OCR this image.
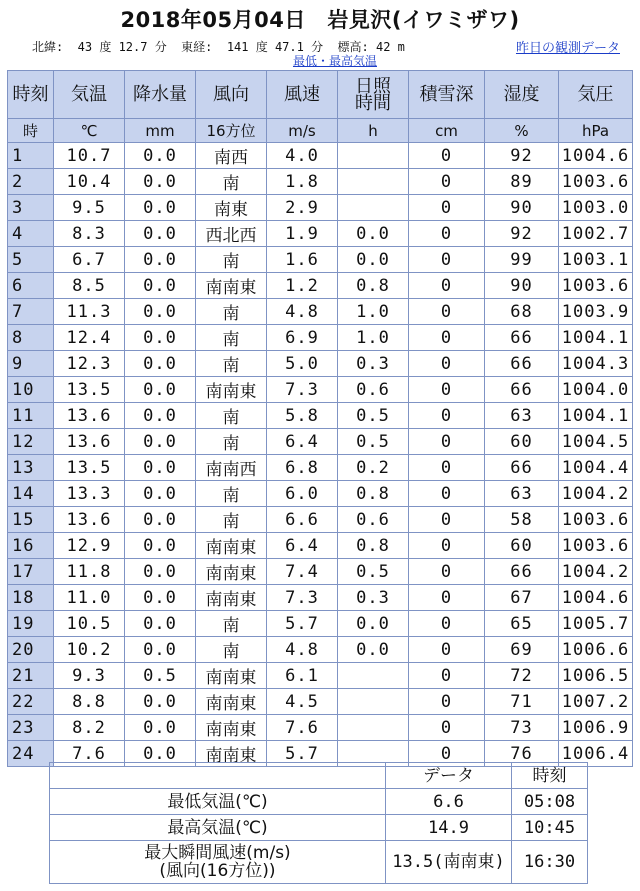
2018年05月04日　岩見沢(イワミザワ)
北緯:  43 度 12.7 分  東経:  141 度 47.1 分  標高: 42 m	昨日の観測データ
最低・最高気温
時刻	気温	降水量	風向	風速	日照時間	積雪深	湿度	気圧
時	℃	mm	16方位	m/s	h	cm	%	hPa
1	10.7	0.0	南西	4.0		0	92	1004.6
2	10.4	0.0	南	1.8		0	89	1003.6
3	9.5	0.0	南東	2.9		0	90	1003.0
4	8.3	0.0	西北西	1.9	0.0	0	92	1002.7
5	6.7	0.0	南	1.6	0.0	0	99	1003.1
6	8.5	0.0	南南東	1.2	0.8	0	90	1003.6
7	11.3	0.0	南	4.8	1.0	0	68	1003.9
8	12.4	0.0	南	6.9	1.0	0	66	1004.1
9	12.3	0.0	南	5.0	0.3	0	66	1004.3
10	13.5	0.0	南南東	7.3	0.6	0	66	1004.0
11	13.6	0.0	南	5.8	0.5	0	63	1004.1
12	13.6	0.0	南	6.4	0.5	0	60	1004.5
13	13.5	0.0	南南西	6.8	0.2	0	66	1004.4
14	13.3	0.0	南	6.0	0.8	0	63	1004.2
15	13.6	0.0	南	6.6	0.6	0	58	1003.6
16	12.9	0.0	南南東	6.4	0.8	0	60	1003.6
17	11.8	0.0	南南東	7.4	0.5	0	66	1004.2
18	11.0	0.0	南南東	7.3	0.3	0	67	1004.6
19	10.5	0.0	南	5.7	0.0	0	65	1005.7
20	10.2	0.0	南	4.8	0.0	0	69	1006.6
21	9.3	0.5	南南東	6.1		0	72	1006.5
22	8.8	0.0	南南東	4.5		0	71	1007.2
23	8.2	0.0	南南東	7.6		0	73	1006.9
24	7.6	0.0	南南東	5.7		0	76	1006.4
	データ	時刻
最低気温(℃)	6.6	05:08
最高気温(℃)	14.9	10:45

最大瞬間風速(m/s)
(風向(16方位))	13.5(南南東)	16:30
